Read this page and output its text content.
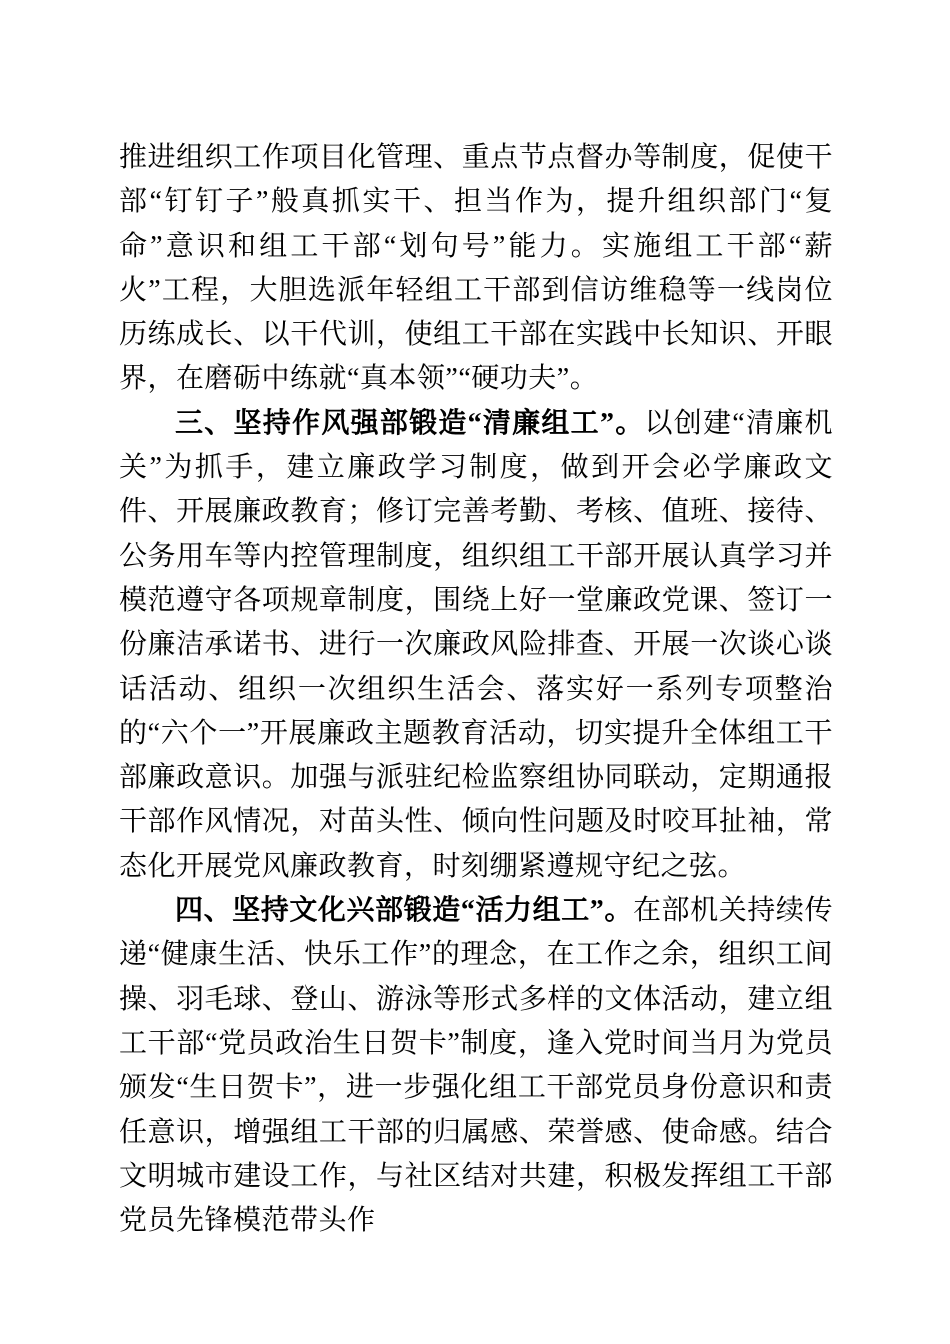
推进组织工作项目化管理、重点节点督办等制度，促使干部“钉钉子”般真抓实干、担当作为，提升组织部门“复命”意识和组工干部“划句号”能力。实施组工干部“薪火”工程，大胆选派年轻组工干部到信访维稳等一线岗位历练成长、以干代训，使组工干部在实践中长知识、开眼界，在磨砺中练就“真本领”“硬功夫”。

三、坚持作风强部锻造“清廉组工”。以创建“清廉机关”为抓手，建立廉政学习制度，做到开会必学廉政文件、开展廉政教育；修订完善考勤、考核、值班、接待、公务用车等内控管理制度，组织组工干部开展认真学习并模范遵守各项规章制度，围绕上好一堂廉政党课、签订一份廉洁承诺书、进行一次廉政风险排查、开展一次谈心谈话活动、组织一次组织生活会、落实好一系列专项整治的“六个一”开展廉政主题教育活动，切实提升全体组工干部廉政意识。加强与派驻纪检监察组协同联动，定期通报干部作风情况，对苗头性、倾向性问题及时咬耳扯袖，常态化开展党风廉政教育，时刻绷紧遵规守纪之弦。

四、坚持文化兴部锻造“活力组工”。在部机关持续传递“健康生活、快乐工作”的理念，在工作之余，组织工间操、羽毛球、登山、游泳等形式多样的文体活动，建立组工干部“党员政治生日贺卡”制度，逢入党时间当月为党员颁发“生日贺卡”，进一步强化组工干部党员身份意识和责任意识，增强组工干部的归属感、荣誉感、使命感。结合文明城市建设工作，与社区结对共建，积极发挥组工干部党员先锋模范带头作
